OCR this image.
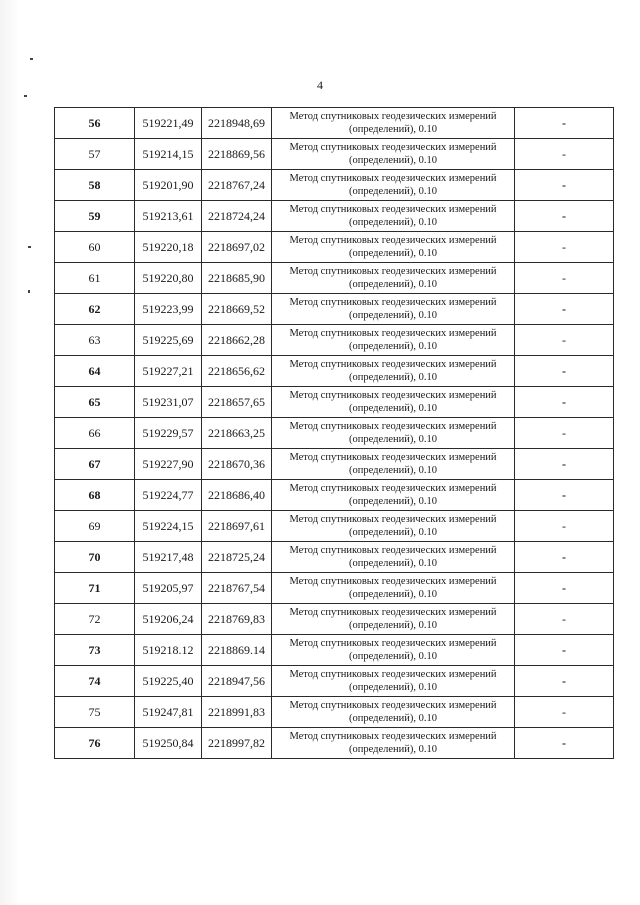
4
56	519221,49	2218948,69	Метод спутниковых геодезических измерений (определений), 0.10	-
57	519214,15	2218869,56	Метод спутниковых геодезических измерений (определений), 0.10	-
58	519201,90	2218767,24	Метод спутниковых геодезических измерений (определений), 0.10	-
59	519213,61	2218724,24	Метод спутниковых геодезических измерений (определений), 0.10	-
60	519220,18	2218697,02	Метод спутниковых геодезических измерений (определений), 0.10	-
61	519220,80	2218685,90	Метод спутниковых геодезических измерений (определений), 0.10	-
62	519223,99	2218669,52	Метод спутниковых геодезических измерений (определений), 0.10	-
63	519225,69	2218662,28	Метод спутниковых геодезических измерений (определений), 0.10	-
64	519227,21	2218656,62	Метод спутниковых геодезических измерений (определений), 0.10	-
65	519231,07	2218657,65	Метод спутниковых геодезических измерений (определений), 0.10	-
66	519229,57	2218663,25	Метод спутниковых геодезических измерений (определений), 0.10	-
67	519227,90	2218670,36	Метод спутниковых геодезических измерений (определений), 0.10	-
68	519224,77	2218686,40	Метод спутниковых геодезических измерений (определений), 0.10	-
69	519224,15	2218697,61	Метод спутниковых геодезических измерений (определений), 0.10	-
70	519217,48	2218725,24	Метод спутниковых геодезических измерений (определений), 0.10	-
71	519205,97	2218767,54	Метод спутниковых геодезических измерений (определений), 0.10	-
72	519206,24	2218769,83	Метод спутниковых геодезических измерений (определений), 0.10	-
73	519218.12	2218869.14	Метод спутниковых геодезических измерений (определений), 0.10	-
74	519225,40	2218947,56	Метод спутниковых геодезических измерений (определений), 0.10	-
75	519247,81	2218991,83	Метод спутниковых геодезических измерений (определений), 0.10	-
76	519250,84	2218997,82	Метод спутниковых геодезических измерений (определений), 0.10	-
